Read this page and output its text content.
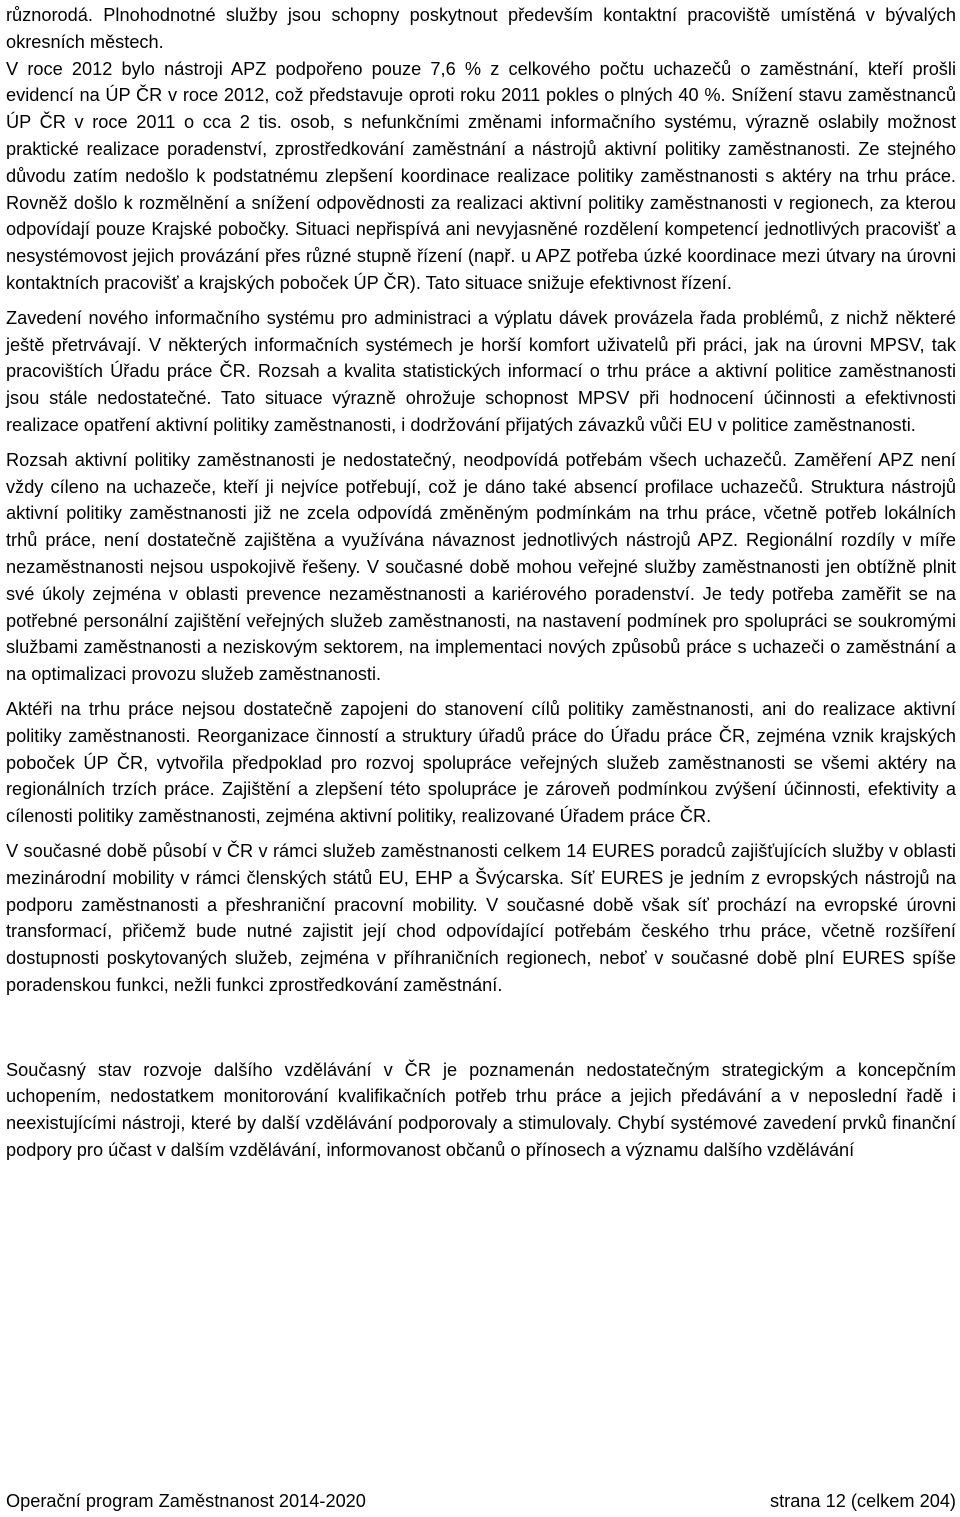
různorodá. Plnohodnotné služby jsou schopny poskytnout především kontaktní pracoviště umístěná v bývalých okresních městech.

V roce 2012 bylo nástroji APZ podpořeno pouze 7,6 % z celkového počtu uchazečů o zaměstnání, kteří prošli evidencí na ÚP ČR v roce 2012, což představuje oproti roku 2011 pokles o plných 40 %. Snížení stavu zaměstnanců ÚP ČR v roce 2011 o cca 2 tis. osob, s nefunkčními změnami informačního systému, výrazně oslabily možnost praktické realizace poradenství, zprostředkování zaměstnání a nástrojů aktivní politiky zaměstnanosti. Ze stejného důvodu zatím nedošlo k podstatnému zlepšení koordinace realizace politiky zaměstnanosti s aktéry na trhu práce. Rovněž došlo k rozmělnění a snížení odpovědnosti za realizaci aktivní politiky zaměstnanosti v regionech, za kterou odpovídají pouze Krajské pobočky. Situaci nepřispívá ani nevyjasněné rozdělení kompetencí jednotlivých pracovišť a nesystémovost jejich provázání přes různé stupně řízení (např. u APZ potřeba úzké koordinace mezi útvary na úrovni kontaktních pracovišť a krajských poboček ÚP ČR). Tato situace snižuje efektivnost řízení.

Zavedení nového informačního systému pro administraci a výplatu dávek provázela řada problémů, z nichž některé ještě přetrvávají. V některých informačních systémech je horší komfort uživatelů při práci, jak na úrovni MPSV, tak pracovištích Úřadu práce ČR. Rozsah a kvalita statistických informací o trhu práce a aktivní politice zaměstnanosti jsou stále nedostatečné. Tato situace výrazně ohrožuje schopnost MPSV při hodnocení účinnosti a efektivnosti realizace opatření aktivní politiky zaměstnanosti, i dodržování přijatých závazků vůči EU v politice zaměstnanosti.

Rozsah aktivní politiky zaměstnanosti je nedostatečný, neodpovídá potřebám všech uchazečů. Zaměření APZ není vždy cíleno na uchazeče, kteří ji nejvíce potřebují, což je dáno také absencí profilace uchazečů. Struktura nástrojů aktivní politiky zaměstnanosti již ne zcela odpovídá změněným podmínkám na trhu práce, včetně potřeb lokálních trhů práce, není dostatečně zajištěna a využívána návaznost jednotlivých nástrojů APZ. Regionální rozdíly v míře nezaměstnanosti nejsou uspokojivě řešeny. V současné době mohou veřejné služby zaměstnanosti jen obtížně plnit své úkoly zejména v oblasti prevence nezaměstnanosti a kariérového poradenství. Je tedy potřeba zaměřit se na potřebné personální zajištění veřejných služeb zaměstnanosti, na nastavení podmínek pro spolupráci se soukromými službami zaměstnanosti a neziskovým sektorem, na implementaci nových způsobů práce s uchazeči o zaměstnání a na optimalizaci provozu služeb zaměstnanosti.

Aktéři na trhu práce nejsou dostatečně zapojeni do stanovení cílů politiky zaměstnanosti, ani do realizace aktivní politiky zaměstnanosti. Reorganizace činností a struktury úřadů práce do Úřadu práce ČR, zejména vznik krajských poboček ÚP ČR, vytvořila předpoklad pro rozvoj spolupráce veřejných služeb zaměstnanosti se všemi aktéry na regionálních trzích práce. Zajištění a zlepšení této spolupráce je zároveň podmínkou zvýšení účinnosti, efektivity a cílenosti politiky zaměstnanosti, zejména aktivní politiky, realizované Úřadem práce ČR.

V současné době působí v ČR v rámci služeb zaměstnanosti celkem 14 EURES poradců zajišťujících služby v oblasti mezinárodní mobility v rámci členských států EU, EHP a Švýcarska. Síť EURES je jedním z evropských nástrojů na podporu zaměstnanosti a přeshraniční pracovní mobility. V současné době však síť prochází na evropské úrovni transformací, přičemž bude nutné zajistit její chod odpovídající potřebám českého trhu práce, včetně rozšíření dostupnosti poskytovaných služeb, zejména v příhraničních regionech, neboť v současné době plní EURES spíše poradenskou funkci, nežli funkci zprostředkování zaměstnání.

Současný stav rozvoje dalšího vzdělávání v ČR je poznamenán nedostatečným strategickým a koncepčním uchopením, nedostatkem monitorování kvalifikačních potřeb trhu práce a jejich předávání a v neposlední řadě i neexistujícími nástroji, které by další vzdělávání podporovaly a stimulovaly. Chybí systémové zavedení prvků finanční podpory pro účast v dalším vzdělávání, informovanost občanů o přínosech a významu dalšího vzdělávání

Operační program Zaměstnanost 2014-2020	strana 12 (celkem 204)
